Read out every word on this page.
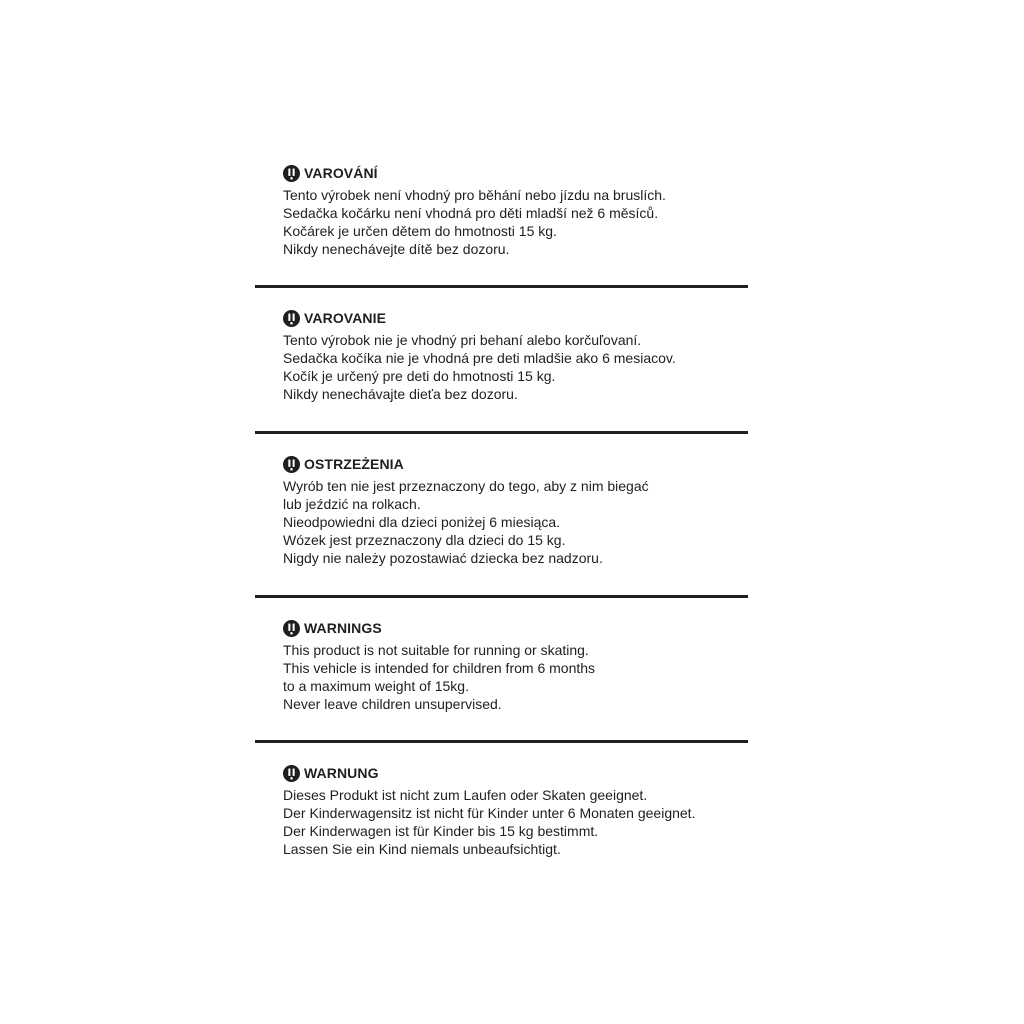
VAROVÁNÍ
Tento výrobek není vhodný pro běhání nebo jízdu na bruslích.
Sedačka kočárku není vhodná pro děti mladší než 6 měsíců.
Kočárek je určen dětem do hmotnosti 15 kg.
Nikdy nenechávejte dítě bez dozoru.
VAROVANIE
Tento výrobok nie je vhodný pri behaní alebo korčuľovaní.
Sedačka kočíka nie je vhodná pre deti mladšie ako 6 mesiacov.
Kočík je určený pre deti do hmotnosti 15 kg.
Nikdy nenechávajte dieťa bez dozoru.
OSTRZEŻENIA
Wyrób ten nie jest przeznaczony do tego, aby z nim biegać
lub jeździć na rolkach.
Nieodpowiedni dla dzieci poniżej 6 miesiąca.
Wózek jest przeznaczony dla dzieci do 15 kg.
Nigdy nie należy pozostawiać dziecka bez nadzoru.
WARNINGS
This product is not suitable for running or skating.
This vehicle is intended for children from 6 months
to a maximum weight of 15kg.
Never leave children unsupervised.
WARNUNG
Dieses Produkt ist nicht zum Laufen oder Skaten geeignet.
Der Kinderwagensitz ist nicht für Kinder unter 6 Monaten geeignet.
Der Kinderwagen ist für Kinder bis 15 kg bestimmt.
Lassen Sie ein Kind niemals unbeaufsichtigt.
